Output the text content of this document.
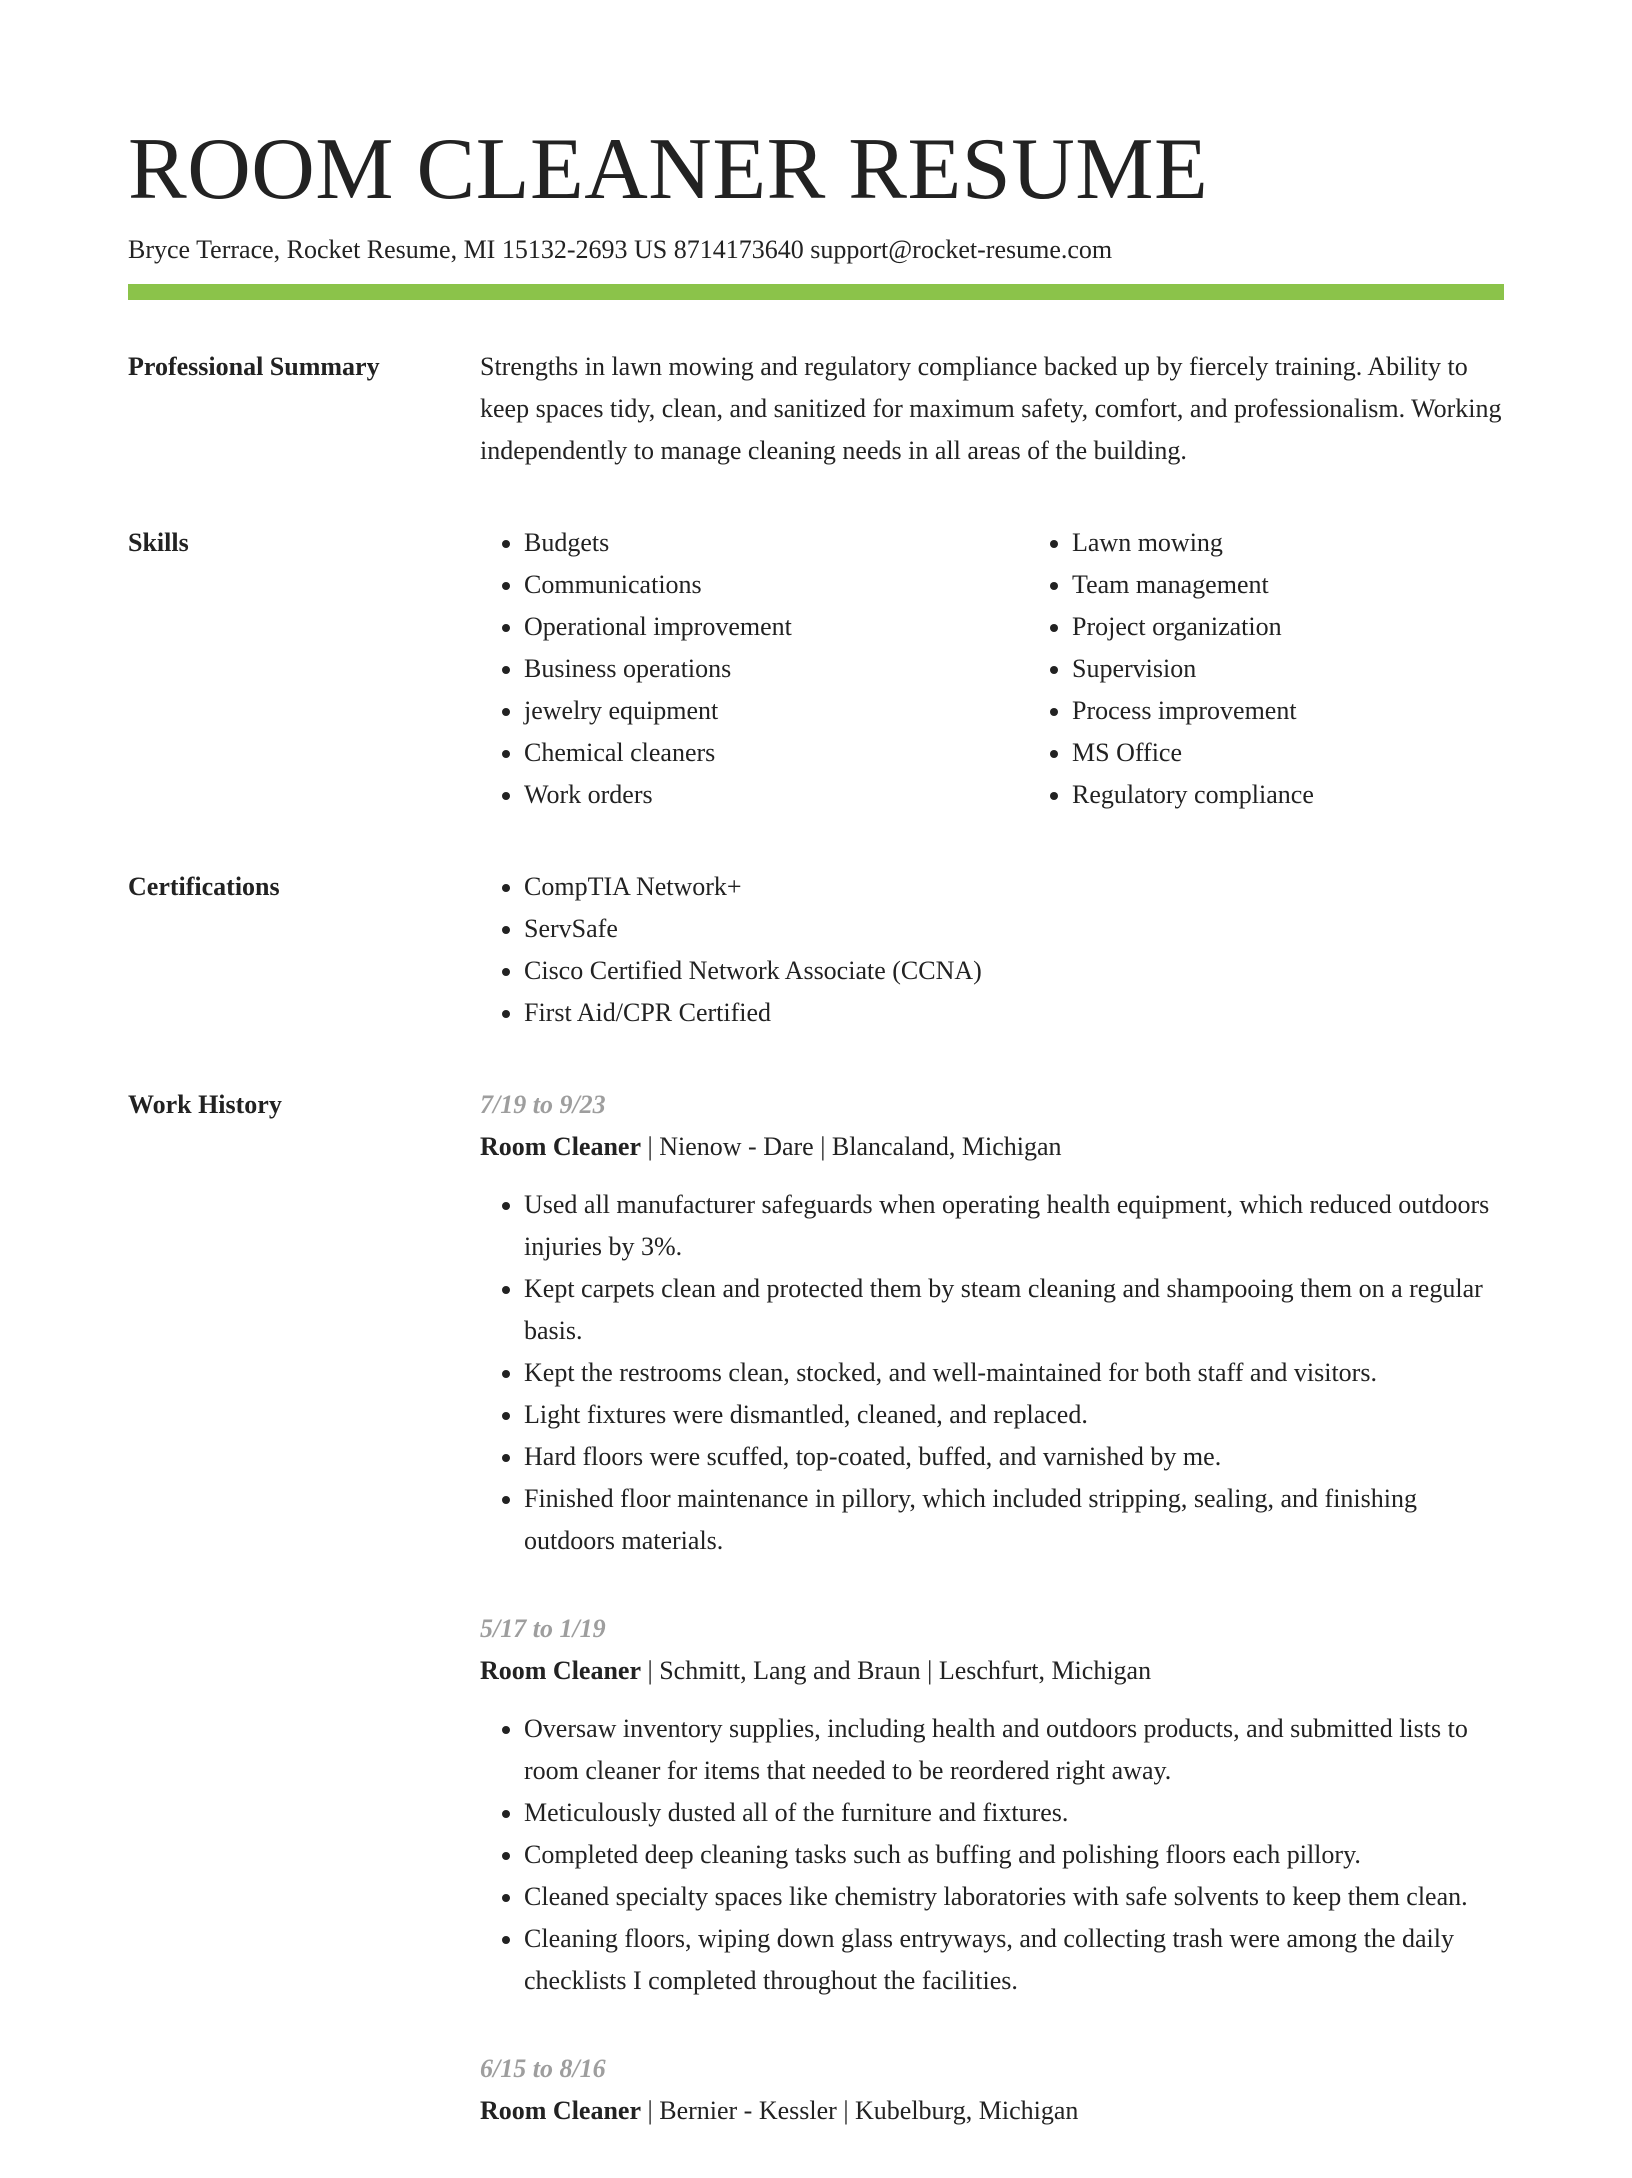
ROOM CLEANER RESUME
Bryce Terrace, Rocket Resume, MI 15132-2693 US 8714173640 support@rocket-resume.com
Professional Summary	Strengths in lawn mowing and regulatory compliance backed up by fiercely training. Ability to keep spaces tidy, clean, and sanitized for maximum safety, comfort, and professionalism. Working independently to manage cleaning needs in all areas of the building.

Skills	• Budgets
• Communications
• Operational improvement
• Business operations
• jewelry equipment
• Chemical cleaners
• Work orders
• Lawn mowing
• Team management
• Project organization
• Supervision
• Process improvement
• MS Office
• Regulatory compliance
Certifications	• CompTIA Network+
• ServSafe
• Cisco Certified Network Associate (CCNA)
• First Aid/CPR Certified
Work History	7/19 to 9/23
Room Cleaner | Nienow - Dare | Blancaland, Michigan
• Used all manufacturer safeguards when operating health equipment, which reduced outdoors injuries by 3%.
• Kept carpets clean and protected them by steam cleaning and shampooing them on a regular basis.
• Kept the restrooms clean, stocked, and well-maintained for both staff and visitors.
• Light fixtures were dismantled, cleaned, and replaced.
• Hard floors were scuffed, top-coated, buffed, and varnished by me.
• Finished floor maintenance in pillory, which included stripping, sealing, and finishing outdoors materials.
5/17 to 1/19
Room Cleaner | Schmitt, Lang and Braun | Leschfurt, Michigan
• Oversaw inventory supplies, including health and outdoors products, and submitted lists to room cleaner for items that needed to be reordered right away.
• Meticulously dusted all of the furniture and fixtures.
• Completed deep cleaning tasks such as buffing and polishing floors each pillory.
• Cleaned specialty spaces like chemistry laboratories with safe solvents to keep them clean.
• Cleaning floors, wiping down glass entryways, and collecting trash were among the daily checklists I completed throughout the facilities.
6/15 to 8/16
Room Cleaner | Bernier - Kessler | Kubelburg, Michigan
